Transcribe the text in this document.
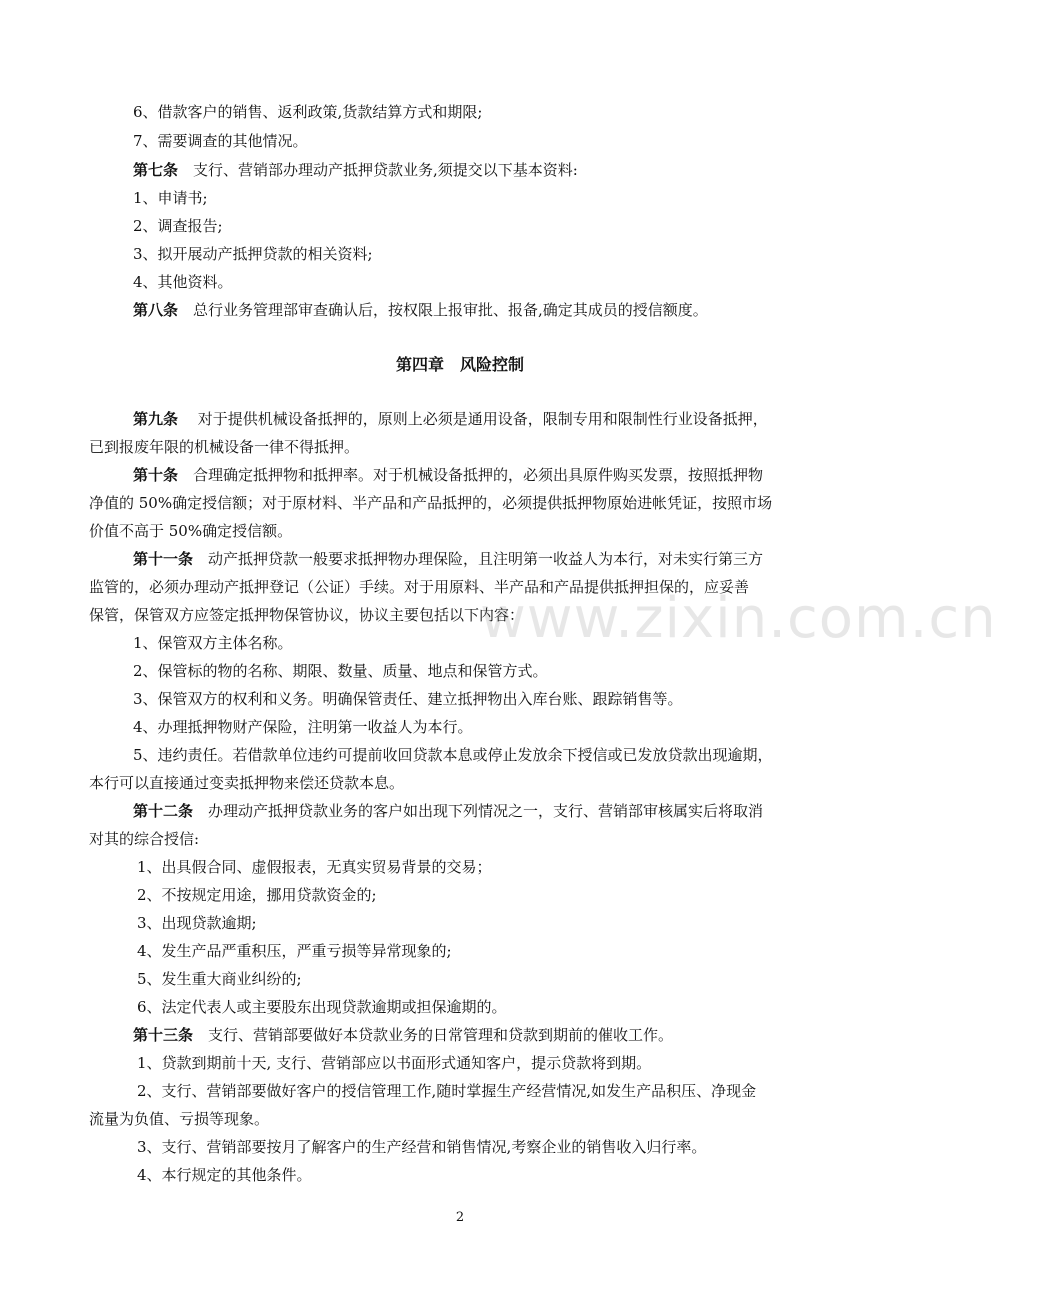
6、借款客户的销售、返利政策,货款结算方式和期限;
7、需要调查的其他情况。
第七条　支行、营销部办理动产抵押贷款业务,须提交以下基本资料:
1、申请书;
2、调查报告;
3、拟开展动产抵押贷款的相关资料;
4、其他资料。
第八条　总行业务管理部审查确认后，按权限上报审批、报备,确定其成员的授信额度。
第四章　风险控制
第九条　 对于提供机械设备抵押的，原则上必须是通用设备，限制专用和限制性行业设备抵押，
已到报废年限的机械设备一律不得抵押。
第十条　合理确定抵押物和抵押率。对于机械设备抵押的，必须出具原件购买发票，按照抵押物
净值的 50%确定授信额；对于原材料、半产品和产品抵押的，必须提供抵押物原始进帐凭证，按照市场
价值不高于 50%确定授信额。
第十一条　动产抵押贷款一般要求抵押物办理保险，且注明第一收益人为本行，对未实行第三方
监管的，必须办理动产抵押登记（公证）手续。对于用原料、半产品和产品提供抵押担保的，应妥善
保管，保管双方应签定抵押物保管协议，协议主要包括以下内容：
1、保管双方主体名称。
2、保管标的物的名称、期限、数量、质量、地点和保管方式。
3、保管双方的权利和义务。明确保管责任、建立抵押物出入库台账、跟踪销售等。
4、办理抵押物财产保险，注明第一收益人为本行。
5、违约责任。若借款单位违约可提前收回贷款本息或停止发放余下授信或已发放贷款出现逾期，
本行可以直接通过变卖抵押物来偿还贷款本息。
第十二条　办理动产抵押贷款业务的客户如出现下列情况之一，支行、营销部审核属实后将取消
对其的综合授信:
1、出具假合同、虚假报表，无真实贸易背景的交易；
2、不按规定用途，挪用贷款资金的;
3、出现贷款逾期;
4、发生产品严重积压，严重亏损等异常现象的;
5、发生重大商业纠纷的;
6、法定代表人或主要股东出现贷款逾期或担保逾期的。
第十三条　支行、营销部要做好本贷款业务的日常管理和贷款到期前的催收工作。
1、贷款到期前十天, 支行、营销部应以书面形式通知客户，提示贷款将到期。
2、支行、营销部要做好客户的授信管理工作,随时掌握生产经营情况,如发生产品积压、净现金
流量为负值、亏损等现象。
3、支行、营销部要按月了解客户的生产经营和销售情况,考察企业的销售收入归行率。
4、本行规定的其他条件。
www.zixin.com.cn
2
